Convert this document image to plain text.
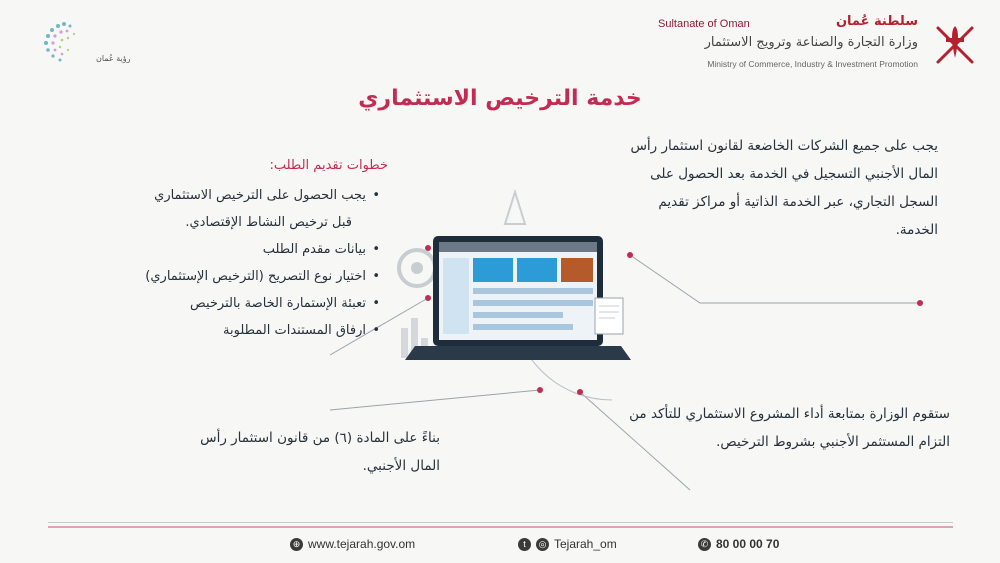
رؤية عُمان
سلطنة عُمان
Sultanate of Oman
وزارة التجارة والصناعة وترويج الاستثمار
Ministry of Commerce, Industry & Investment Promotion
خدمة الترخيص الاستثماري
يجب على جميع الشركات الخاضعة لقانون استثمار رأس المال الأجنبي التسجيل في الخدمة بعد الحصول على السجل التجاري، عبر الخدمة الذاتية أو مراكز تقديم الخدمة.
خطوات تقديم الطلب:
• يجب الحصول على الترخيص الاستثماري
قبل ترخيص النشاط الإقتصادي.
• بيانات مقدم الطلب
• اختيار نوع التصريح (الترخيص الإستثماري)
• تعبئة الإستمارة الخاصة بالترخيص
• ارفاق المستندات المطلوبة
بناءً على المادة (٦) من قانون استثمار رأس المال الأجنبي.
ستقوم الوزارة بمتابعة أداء المشروع الاستثماري للتأكد من التزام المستثمر الأجنبي بشروط الترخيص.
⊕ www.tejarah.gov.om	t	◎ Tejarah_om	✆ 80 00 00 70
